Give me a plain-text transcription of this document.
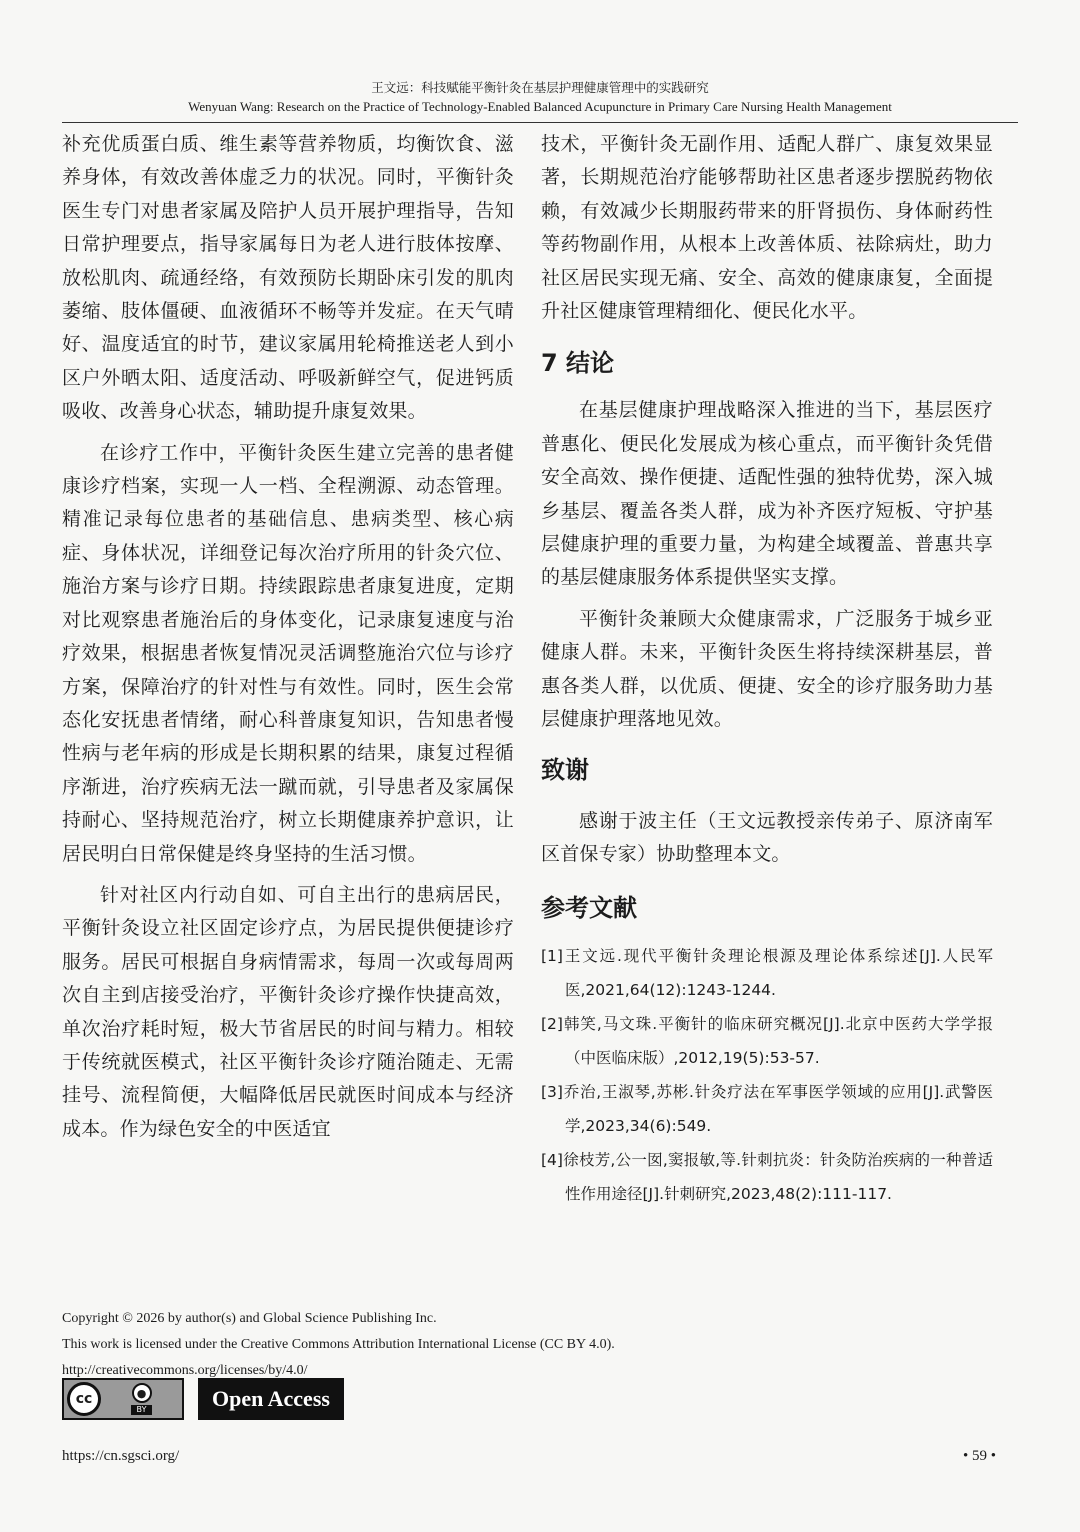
王文远：科技赋能平衡针灸在基层护理健康管理中的实践研究
Wenyuan Wang: Research on the Practice of Technology-Enabled Balanced Acupuncture in Primary Care Nursing Health Management

补充优质蛋白质、维生素等营养物质，均衡饮食、滋养身体，有效改善体虚乏力的状况。同时，平衡针灸医生专门对患者家属及陪护人员开展护理指导，告知日常护理要点，指导家属每日为老人进行肢体按摩、放松肌肉、疏通经络，有效预防长期卧床引发的肌肉萎缩、肢体僵硬、血液循环不畅等并发症。在天气晴好、温度适宜的时节，建议家属用轮椅推送老人到小区户外晒太阳、适度活动、呼吸新鲜空气，促进钙质吸收、改善身心状态，辅助提升康复效果。

在诊疗工作中，平衡针灸医生建立完善的患者健康诊疗档案，实现一人一档、全程溯源、动态管理。精准记录每位患者的基础信息、患病类型、核心病症、身体状况，详细登记每次治疗所用的针灸穴位、施治方案与诊疗日期。持续跟踪患者康复进度，定期对比观察患者施治后的身体变化，记录康复速度与治疗效果，根据患者恢复情况灵活调整施治穴位与诊疗方案，保障治疗的针对性与有效性。同时，医生会常态化安抚患者情绪，耐心科普康复知识，告知患者慢性病与老年病的形成是长期积累的结果，康复过程循序渐进，治疗疾病无法一蹴而就，引导患者及家属保持耐心、坚持规范治疗，树立长期健康养护意识，让居民明白日常保健是终身坚持的生活习惯。

针对社区内行动自如、可自主出行的患病居民，平衡针灸设立社区固定诊疗点，为居民提供便捷诊疗服务。居民可根据自身病情需求，每周一次或每周两次自主到店接受治疗，平衡针灸诊疗操作快捷高效，单次治疗耗时短，极大节省居民的时间与精力。相较于传统就医模式，社区平衡针灸诊疗随治随走、无需挂号、流程简便，大幅降低居民就医时间成本与经济成本。作为绿色安全的中医适宜

技术，平衡针灸无副作用、适配人群广、康复效果显著，长期规范治疗能够帮助社区患者逐步摆脱药物依赖，有效减少长期服药带来的肝肾损伤、身体耐药性等药物副作用，从根本上改善体质、祛除病灶，助力社区居民实现无痛、安全、高效的健康康复，全面提升社区健康管理精细化、便民化水平。

7 结论

在基层健康护理战略深入推进的当下，基层医疗普惠化、便民化发展成为核心重点，而平衡针灸凭借安全高效、操作便捷、适配性强的独特优势，深入城乡基层、覆盖各类人群，成为补齐医疗短板、守护基层健康护理的重要力量，为构建全域覆盖、普惠共享的基层健康服务体系提供坚实支撑。

平衡针灸兼顾大众健康需求，广泛服务于城乡亚健康人群。未来，平衡针灸医生将持续深耕基层，普惠各类人群，以优质、便捷、安全的诊疗服务助力基层健康护理落地见效。

致谢

感谢于波主任（王文远教授亲传弟子、原济南军区首保专家）协助整理本文。

参考文献
[1]王文远.现代平衡针灸理论根源及理论体系综述[J].人民军医,2021,64(12):1243-1244.
[2]韩笑,马文珠.平衡针的临床研究概况[J].北京中医药大学学报（中医临床版）,2012,19(5):53-57.
[3]乔治,王淑琴,苏彬.针灸疗法在军事医学领域的应用[J].武警医学,2023,34(6):549.
[4]徐枝芳,公一囡,窦报敏,等.针刺抗炎：针灸防治疾病的一种普适性作用途径[J].针刺研究,2023,48(2):111-117.
Copyright © 2026 by author(s) and Global Science Publishing Inc.
This work is licensed under the Creative Commons Attribution International License (CC BY 4.0).
http://creativecommons.org/licenses/by/4.0/
cc	●
BY	Open Access
https://cn.sgsci.org/	• 59 •
